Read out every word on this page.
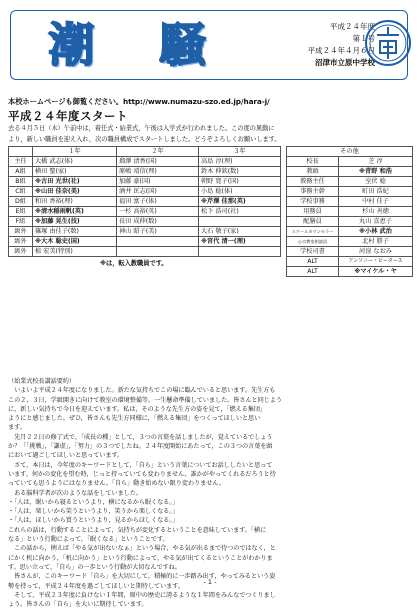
潮 騒	平成２４年度
第１号
平成２４年４月６日
沼津市立原中学校
本校ホームページも御覧ください。http://www.numazu-szo.ed.jp/hara-j/
平成２４年度スタート
去る４月５日（木）午前中は，着任式・始業式，午後は入学式が行われました。この度の異動に
より，新しい職員を迎え入れ，次の職員構成でスタートしました。どうぞよろしくお願いします。
	１年	２年	３年
主任	大橋 武志(体)	瑠澤 清香(国)	高島 淳(理)
A組	横田 聖(家)	原嶋 靖信(理)	鈴木 伸欽(数)
B組	※古田 光世(社)	加藤 豪(国)	朝野 寛子(国)
C組	※山田 佳奈(美)	酒井 匡志(国)	小島 稔(体)
D組	和田 香裕(理)	福田 富子(体)	※芹澤 佳那(英)
E組	※清水稲雨帆(英)	一杉 高裕(英)	松下 浩司(社)
F組	※加藤 晃生(技)	長田 成伸(数)	
級外	篠塚 由佳子(数)	神山 昭子(美)	大石 敬子(家)
級外	※大木 聡史(国)		※宮代 清一(理)
級外	植 宏美(特別)		
※は，転入教職員です。
その他	
校長	芝 淳
教頭	※青野 和浩
教務主任	室伏 稔
事務主幹	町田 浩紀
学校事務	中村 佳子
用務員	杉山 善徳
配膳員	丸山 喜恵子
スクールカウンセラー	※小林 武治
心の教室相談員	北村 勝子
学校司書	河窪 なおみ
ALT	アンソニー・ピータース
ALT	※マイケル・ヤ
（始業式校長講話要約）
　いよいよ平成２４年度になりました。新たな気持ちでこの場に臨んでいると思います。先生方も
この２，３日，学級開きに向けて教室の環境整備等，一生懸命準備していました。皆さんと同じよう
に，新しい気持ちで今日を迎えています。私は，そのような先生方の姿を見て，「燃える集団」
ようにと感じました。ぜひ，皆さんも先生方同様に，「燃える集団」をつくってほしいと思い
ます。
　先月２２日の修了式で，「成長の種」として，３つの言葉を話しましたが，覚えているでしょう
か？「「挑戦」，「謙虚」，「努力」の３つでしたね。２４年度開始にあたって，この３つの言葉を頭
において過ごしてほしいと思っています。
　さて，本日は，今年度のキーワードとして，「自ら」という言葉についてお話ししたいと思って
います。何かの変化を望む時，じっと持っていても変わりません。誰かがやってくれるだろうと待
っていても思うようにはなりません。「自ら」動き始めない限り変わりません。
　ある脳科学者が次のような話をしていました。
・「人は，眠いから寝るというより，横になるから眠くなる。」
・「人は，楽しいから笑うというより，笑うから楽しくなる。」
・「人は，ほしいから買うというより，見るからほしくなる。」
これらの話は，行動することによって，気持ちが変化するということを意味しています。「横に
なる」という行動によって，「眠くなる」ということです。
　この話から，例えば「やる気が出ないなぁ」という場合，やる気が出るまで待つのではなく，と
にかく机に向かう，「机に向かう」という行動によって，やる気が出てくるということがわかりま
す。思い立って，「自ら」の一歩という行動が大切なんですね。
　皆さんが，このキーワード「自ら」を大切にして，積極的に一歩踏み出す，やってみるという姿
勢を持って，平成２４年度を過ごしてほしいと期待しています。
　そして，平成２３年度に負けない１年間，原中の歴史に誇るような１年間をみんなでつくりまし
ょう。皆さんの「自ら」を大いに期待しています。
- 1 -
